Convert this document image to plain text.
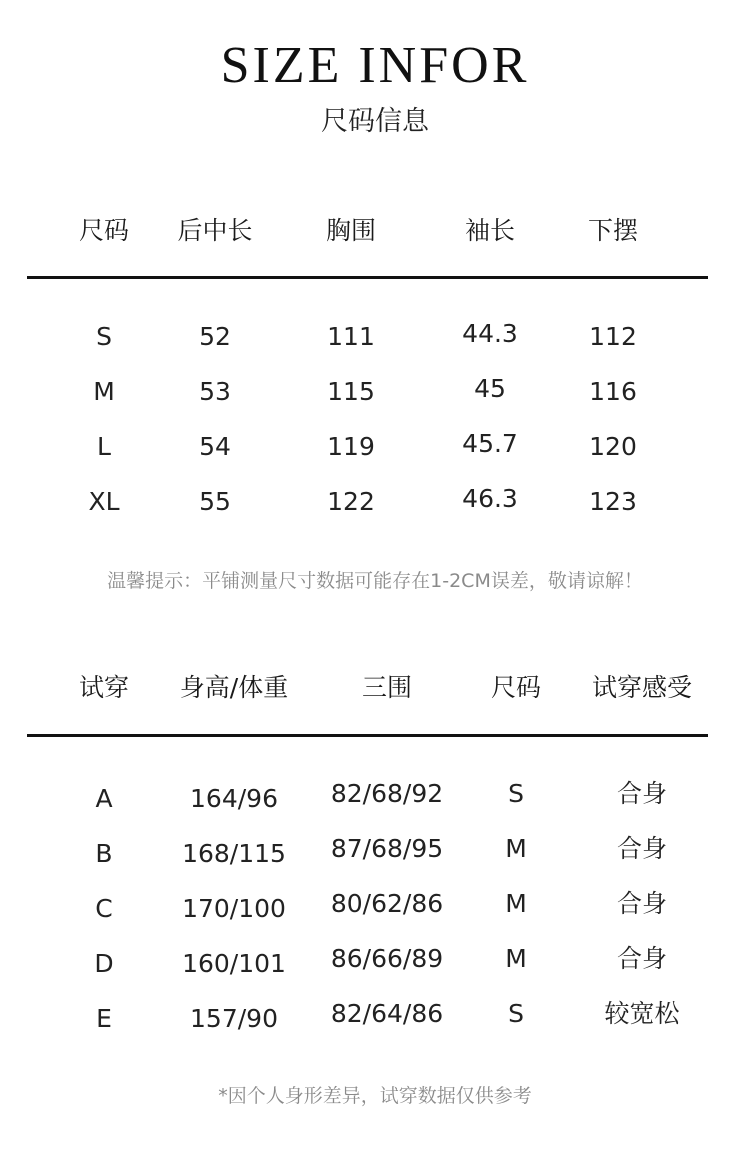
SIZE INFOR
尺码信息
尺码 后中长	胸围	袖长	下摆
S	52	111	44.3	112
M	53	115	45	116
L	54	119	45.7	120
XL	55	122	46.3	123
温馨提示：平铺测量尺寸数据可能存在1-2CM误差，敬请谅解！
试穿 身高/体重	三围	尺码 试穿感受
A	164/96 82/68/92	S	合身
B	168/115 87/68/95 M	合身
C	170/100 80/62/86 M	合身
D	160/101 86/66/89 M	合身
E	157/90 82/64/86	S	较宽松
*因个人身形差异，试穿数据仅供参考
